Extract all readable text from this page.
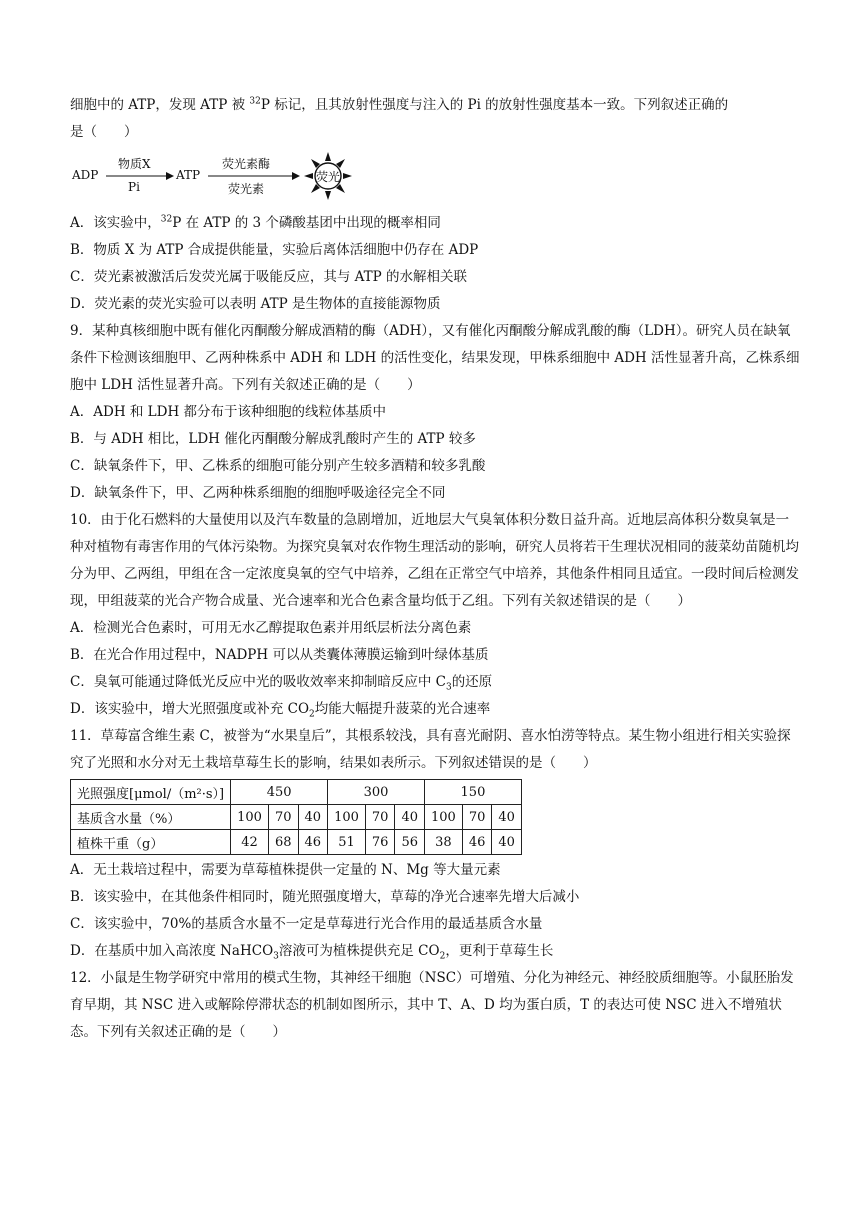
细胞中的 ATP，发现 ATP 被 $^{32}$P 标记，且其放射性强度与注入的 Pi 的放射性强度基本一致。下列叙述正确的

是（　　）

ADP
物质X
Pi
ATP
荧光素酶
荧光素
荧光

A．该实验中，$^{32}$P 在 ATP 的 3 个磷酸基团中出现的概率相同

B．物质 X 为 ATP 合成提供能量，实验后离体活细胞中仍存在 ADP

C．荧光素被激活后发荧光属于吸能反应，其与 ATP 的水解相关联

D．荧光素的荧光实验可以表明 ATP 是生物体的直接能源物质

9．某种真核细胞中既有催化丙酮酸分解成酒精的酶（ADH），又有催化丙酮酸分解成乳酸的酶（LDH）。研究人员在缺氧条件下检测该细胞甲、乙两种株系中 ADH 和 LDH 的活性变化，结果发现，甲株系细胞中 ADH 活性显著升高，乙株系细胞中 LDH 活性显著升高。下列有关叙述正确的是（　　）

A．ADH 和 LDH 都分布于该种细胞的线粒体基质中

B．与 ADH 相比，LDH 催化丙酮酸分解成乳酸时产生的 ATP 较多

C．缺氧条件下，甲、乙株系的细胞可能分别产生较多酒精和较多乳酸

D．缺氧条件下，甲、乙两种株系细胞的细胞呼吸途径完全不同

10．由于化石燃料的大量使用以及汽车数量的急剧增加，近地层大气臭氧体积分数日益升高。近地层高体积分数臭氧是一种对植物有毒害作用的气体污染物。为探究臭氧对农作物生理活动的影响，研究人员将若干生理状况相同的菠菜幼苗随机均分为甲、乙两组，甲组在含一定浓度臭氧的空气中培养，乙组在正常空气中培养，其他条件相同且适宜。一段时间后检测发现，甲组菠菜的光合产物合成量、光合速率和光合色素含量均低于乙组。下列有关叙述错误的是（　　）

A．检测光合色素时，可用无水乙醇提取色素并用纸层析法分离色素

B．在光合作用过程中，NADPH 可以从类囊体薄膜运输到叶绿体基质

C．臭氧可能通过降低光反应中光的吸收效率来抑制暗反应中 $C_3$的还原

D．该实验中，增大光照强度或补充 $CO_2$均能大幅提升菠菜的光合速率

11．草莓富含维生素 C，被誉为“水果皇后”，其根系较浅，具有喜光耐阴、喜水怕涝等特点。某生物小组进行相关实验探究了光照和水分对无土栽培草莓生长的影响，结果如表所示。下列叙述错误的是（　　）

光照强度[μmol/（m²·s）]	450			300			150		
基质含水量（%）	100	70	40	100	70	40	100	70	40
植株干重（g）	42	68	46	51	76	56	38	46	40

A．无土栽培过程中，需要为草莓植株提供一定量的 N、Mg 等大量元素

B．该实验中，在其他条件相同时，随光照强度增大，草莓的净光合速率先增大后减小

C．该实验中，70%的基质含水量不一定是草莓进行光合作用的最适基质含水量

D．在基质中加入高浓度 NaHCO$_3$溶液可为植株提供充足 $CO_2$，更利于草莓生长

12．小鼠是生物学研究中常用的模式生物，其神经干细胞（NSC）可增殖、分化为神经元、神经胶质细胞等。小鼠胚胎发育早期，其 NSC 进入或解除停滞状态的机制如图所示，其中 T、A、D 均为蛋白质，T 的表达可使 NSC 进入不增殖状态。下列有关叙述正确的是（　　）
